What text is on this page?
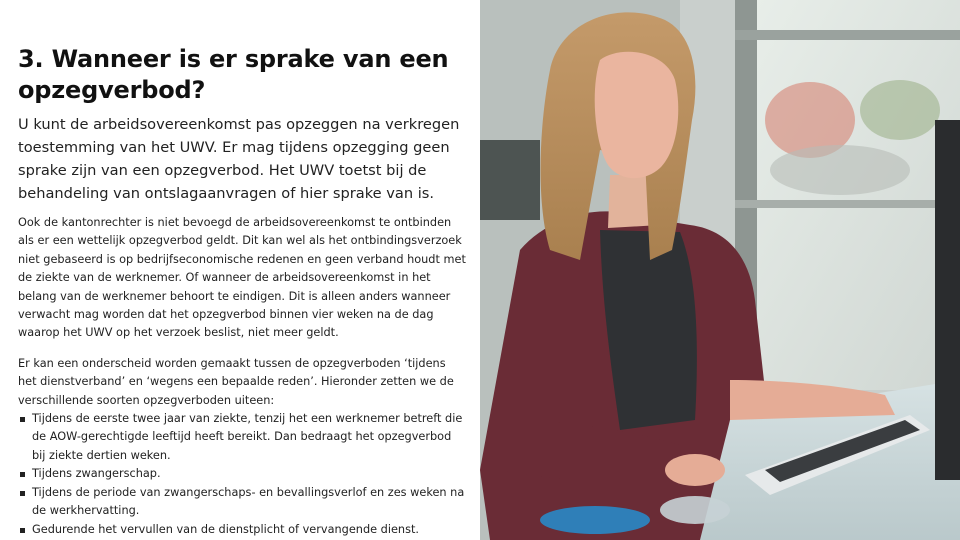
3. Wanneer is er sprake van een opzegverbod?

U kunt de arbeidsovereenkomst pas opzeggen na verkregen toestemming van het UWV. Er mag tijdens opzegging geen sprake zijn van een opzegverbod. Het UWV toetst bij de behandeling van ontslagaanvragen of hier sprake van is.

Ook de kantonrechter is niet bevoegd de arbeidsovereenkomst te ontbinden als er een wettelijk opzegverbod geldt. Dit kan wel als het ontbindingsverzoek niet gebaseerd is op bedrijfseconomische redenen en geen verband houdt met de ziekte van de werknemer. Of wanneer de arbeidsovereenkomst in het belang van de werknemer behoort te eindigen. Dit is alleen anders wanneer verwacht mag worden dat het opzegverbod binnen vier weken na de dag waarop het UWV op het verzoek beslist, niet meer geldt.

Er kan een onderscheid worden gemaakt tussen de opzegverboden ‘tijdens het dienstverband’ en ‘wegens een bepaalde reden’. Hieronder zetten we de verschillende soorten opzegverboden uiteen:

Tijdens de eerste twee jaar van ziekte, tenzij het een werknemer betreft die de AOW-gerechtigde leeftijd heeft bereikt. Dan bedraagt het opzegverbod bij ziekte dertien weken.
Tijdens zwangerschap.
Tijdens de periode van zwangerschaps- en bevallingsverlof en zes weken na de werkhervatting.
Gedurende het vervullen van de dienstplicht of vervangende dienst.
